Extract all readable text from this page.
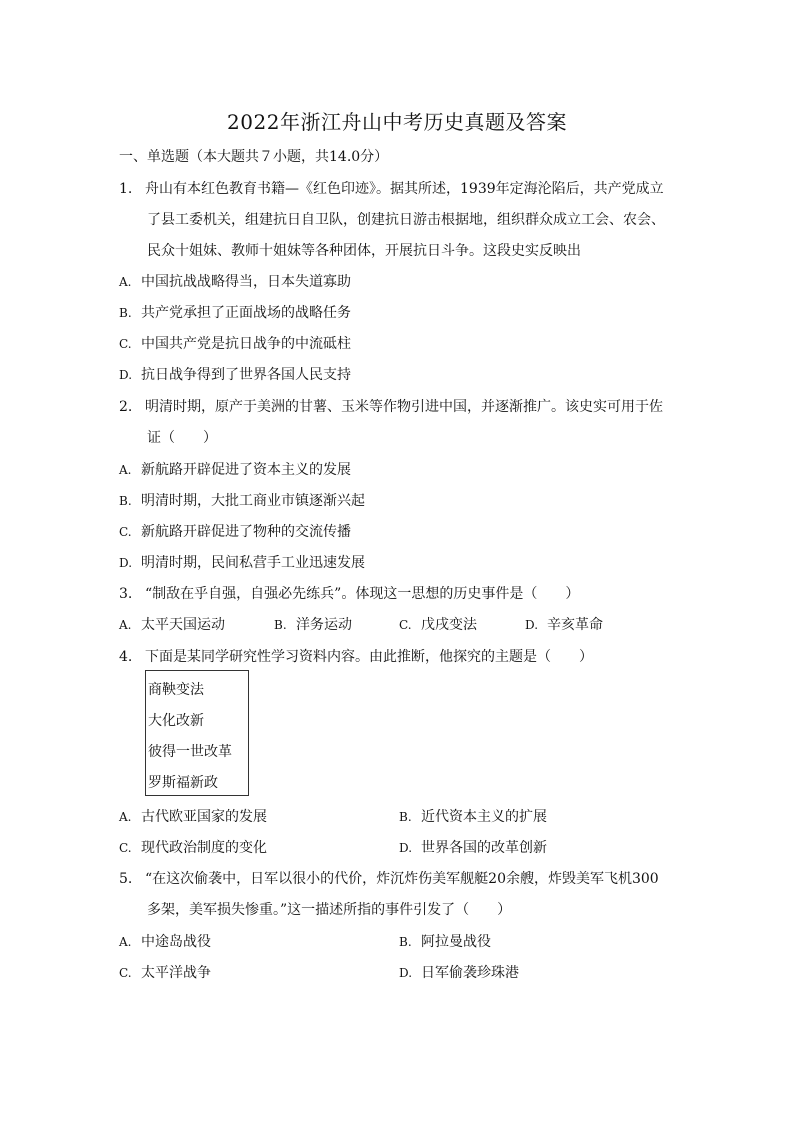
2022年浙江舟山中考历史真题及答案
一、单选题（本大题共７小题，共14.0分）
1. 舟山有本红色教育书籍—《红色印迹》。据其所述，1939年定海沦陷后，共产党成立
了县工委机关，组建抗日自卫队，创建抗日游击根据地，组织群众成立工会、农会、
民众十姐妹、教师十姐妹等各种团体，开展抗日斗争。这段史实反映出
A. 中国抗战战略得当，日本失道寡助
B. 共产党承担了正面战场的战略任务
C. 中国共产党是抗日战争的中流砥柱
D. 抗日战争得到了世界各国人民支持
2. 明清时期，原产于美洲的甘薯、玉米等作物引进中国，并逐渐推广。该史实可用于佐
证（　　）
A. 新航路开辟促进了资本主义的发展
B. 明清时期，大批工商业市镇逐渐兴起
C. 新航路开辟促进了物种的交流传播
D. 明清时期，民间私营手工业迅速发展
3. “制敌在乎自强，自强必先练兵”。体现这一思想的历史事件是（　　）
A. 太平天国运动	B. 洋务运动	C. 戊戌变法	D. 辛亥革命
4. 下面是某同学研究性学习资料内容。由此推断，他探究的主题是（　　）
商鞅变法
大化改新
彼得一世改革
罗斯福新政
A. 古代欧亚国家的发展	B. 近代资本主义的扩展
C. 现代政治制度的变化	D. 世界各国的改革创新
5. “在这次偷袭中，日军以很小的代价，炸沉炸伤美军舰艇20余艘，炸毁美军飞机300
多架，美军损失惨重。”这一描述所指的事件引发了（　　）
A. 中途岛战役	B. 阿拉曼战役
C. 太平洋战争	D. 日军偷袭珍珠港
